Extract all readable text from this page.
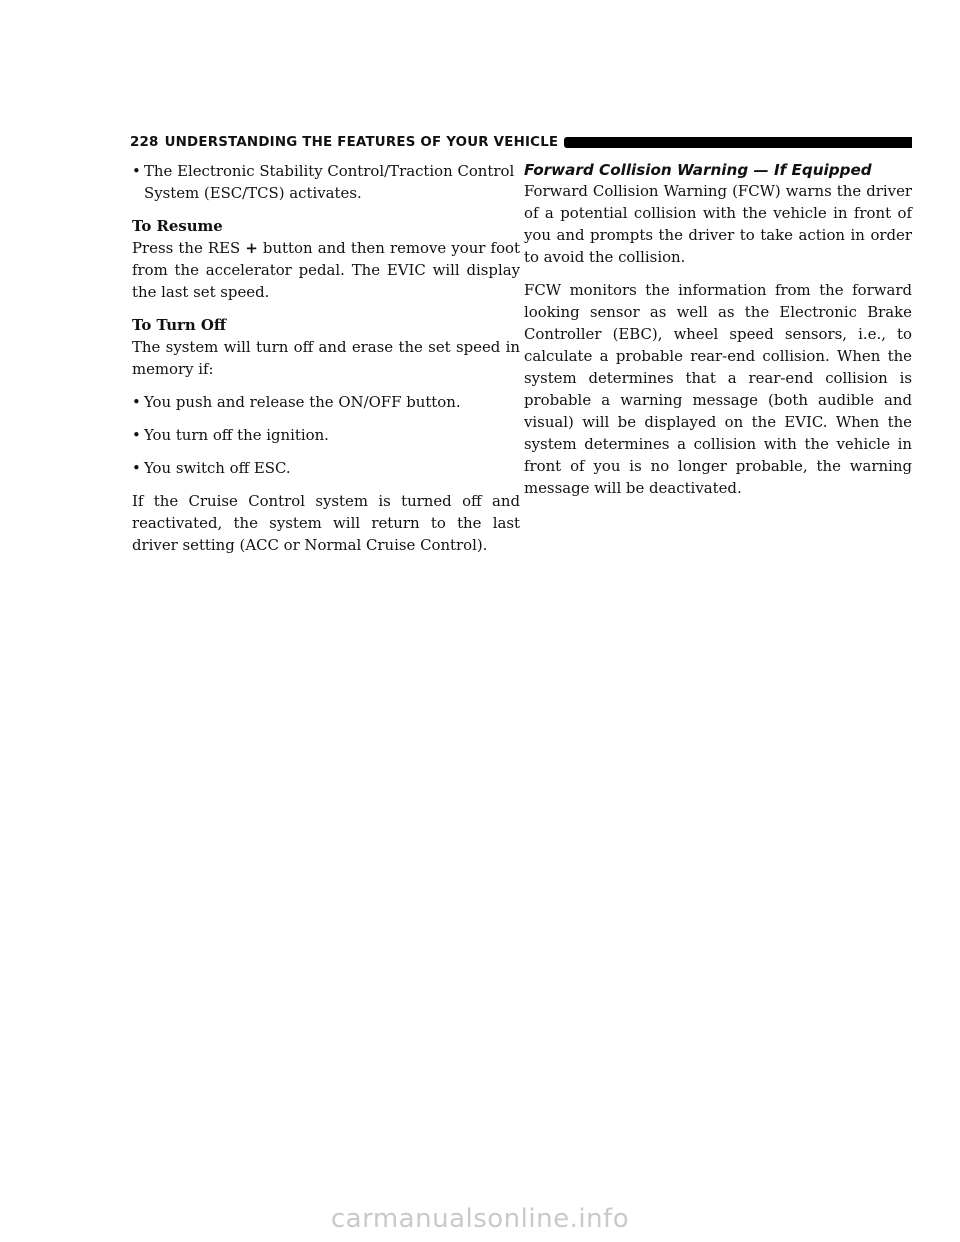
228 UNDERSTANDING THE FEATURES OF YOUR VEHICLE
• The Electronic Stability Control/Traction Control System (ESC/TCS) activates.
To Resume

Press the RES + button and then remove your foot from the accelerator pedal. The EVIC will display the last set speed.

To Turn Off

The system will turn off and erase the set speed in memory if:

• You push and release the ON/OFF button.
• You turn off the ignition.
• You switch off ESC.

If the Cruise Control system is turned off and reactivated, the system will return to the last driver setting (ACC or Normal Cruise Control).

Forward Collision Warning — If Equipped

Forward Collision Warning (FCW) warns the driver of a potential collision with the vehicle in front of you and prompts the driver to take action in order to avoid the collision.

FCW monitors the information from the forward looking sensor as well as the Electronic Brake Controller (EBC), wheel speed sensors, i.e., to calculate a probable rear-end collision. When the system determines that a rear-end collision is probable a warning message (both audible and visual) will be displayed on the EVIC. When the system determines a collision with the vehicle in front of you is no longer probable, the warning message will be deactivated.

carmanualsonline.info
